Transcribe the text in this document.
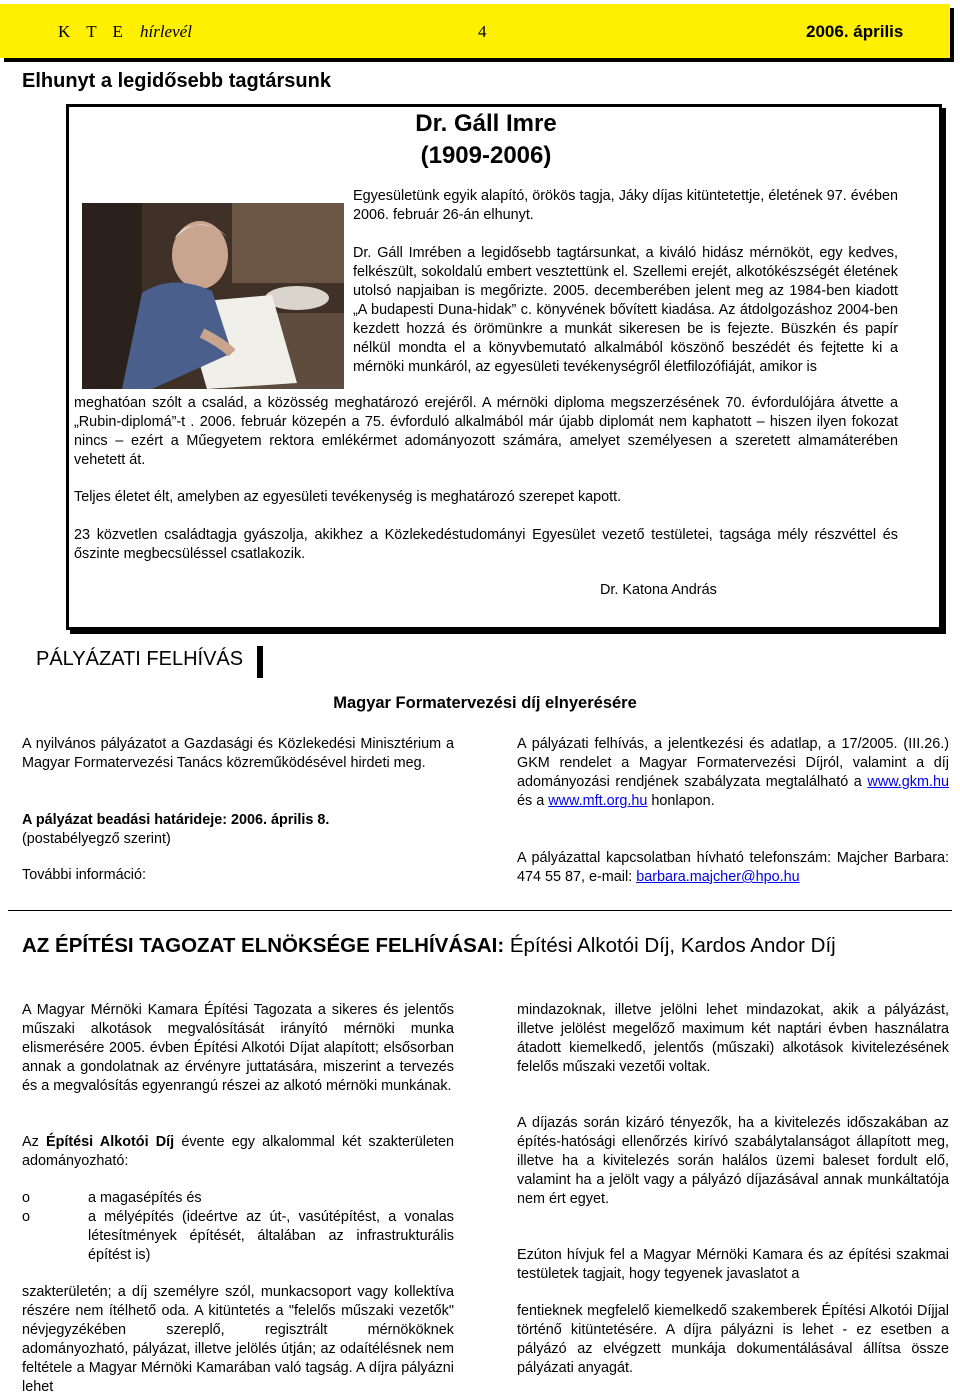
K T E hírlevél	4	2006. április
Elhunyt a legidősebb tagtársunk
Dr. Gáll Imre
(1909-2006)
Egyesületünk egyik alapító, örökös tagja, Jáky díjas kitüntetettje, életének 97. évében 2006. február 26-án elhunyt.
Dr. Gáll Imrében a legidősebb tagtársunkat, a kiváló hidász mérnököt, egy kedves, felkészült, sokoldalú embert vesztettünk el. Szellemi erejét, alkotókészségét életének utolsó napjaiban is megőrizte. 2005. decemberében jelent meg az 1984-ben kiadott „A budapesti Duna-hidak” c. könyvének bővített kiadása. Az átdolgozáshoz 2004-ben kezdett hozzá és örömünkre a munkát sikeresen be is fejezte. Büszkén és papír nélkül mondta el a könyvbemutató alkalmából köszönő beszédét és fejtette ki a mérnöki munkáról, az egyesületi tevékenységről életfilozófiáját, amikor is
meghatóan szólt a család, a közösség meghatározó erejéről. A mérnöki diploma megszerzésének 70. évfordulójára átvette a „Rubin-diplomá”-t . 2006. február közepén a 75. évforduló alkalmából már újabb diplomát nem kaphatott – hiszen ilyen fokozat nincs – ezért a Műegyetem rektora emlékérmet adományozott számára, amelyet személyesen a szeretett almamáterében vehetett át.
Teljes életet élt, amelyben az egyesületi tevékenység is meghatározó szerepet kapott.
23 közvetlen családtagja gyászolja, akikhez a Közlekedéstudományi Egyesület vezető testületei, tagsága mély részvéttel és őszinte megbecsüléssel csatlakozik.
Dr. Katona András
PÁLYÁZATI FELHÍVÁS
Magyar Formatervezési díj elnyerésére
A nyilvános pályázatot a Gazdasági és Közlekedési Minisztérium a Magyar Formatervezési Tanács közreműködésével hirdeti meg.
A pályázat beadási határideje: 2006. április 8.
(postabélyegző szerint)
További információ:
A pályázati felhívás, a jelentkezési és adatlap, a 17/2005. (III.26.) GKM rendelet a Magyar Formatervezési Díjról, valamint a díj adományozási rendjének szabályzata megtalálható a www.gkm.hu és a www.mft.org.hu honlapon.
A pályázattal kapcsolatban hívható telefonszám: Majcher Barbara: 474 55 87, e-mail: barbara.majcher@hpo.hu
AZ ÉPÍTÉSI TAGOZAT ELNÖKSÉGE FELHÍVÁSAI: Építési Alkotói Díj, Kardos Andor Díj
A Magyar Mérnöki Kamara Építési Tagozata a sikeres és jelentős műszaki alkotások megvalósítását irányító mérnöki munka elismerésére 2005. évben Építési Alkotói Díjat alapított; elsősorban annak a gondolatnak az érvényre juttatására, miszerint a tervezés és a megvalósítás egyenrangú részei az alkotó mérnöki munkának.
Az Építési Alkotói Díj évente egy alkalommal két szakterületen adományozható:
o	a magasépítés és
o	a mélyépítés (ideértve az út-, vasútépítést, a vonalas létesítmények építését, általában az infrastrukturális építést is)
szakterületén; a díj személyre szól, munkacsoport vagy kollektíva részére nem ítélhető oda. A kitüntetés a "felelős műszaki vezetők" névjegyzékében szereplő, regisztrált mérnököknek adományozható, pályázat, illetve jelölés útján; az odaítélésnek nem feltétele a Magyar Mérnöki Kamarában való tagság. A díjra pályázni lehet
mindazoknak, illetve jelölni lehet mindazokat, akik a pályázást, illetve jelölést megelőző maximum két naptári évben használatra átadott kiemelkedő, jelentős (műszaki) alkotások kivitelezésének felelős műszaki vezetői voltak.
A díjazás során kizáró tényezők, ha a kivitelezés időszakában az építés-hatósági ellenőrzés kirívó szabálytalanságot állapított meg, illetve ha a kivitelezés során halálos üzemi baleset fordult elő, valamint ha a jelölt vagy a pályázó díjazásával annak munkáltatója nem ért egyet.
Ezúton hívjuk fel a Magyar Mérnöki Kamara és az építési szakmai testületek tagjait, hogy tegyenek javaslatot a
fentieknek megfelelő kiemelkedő szakemberek Építési Alkotói Díjjal történő kitüntetésére. A díjra pályázni is lehet - ez esetben a pályázó az elvégzett munkája dokumentálásával állítsa össze pályázati anyagát.
